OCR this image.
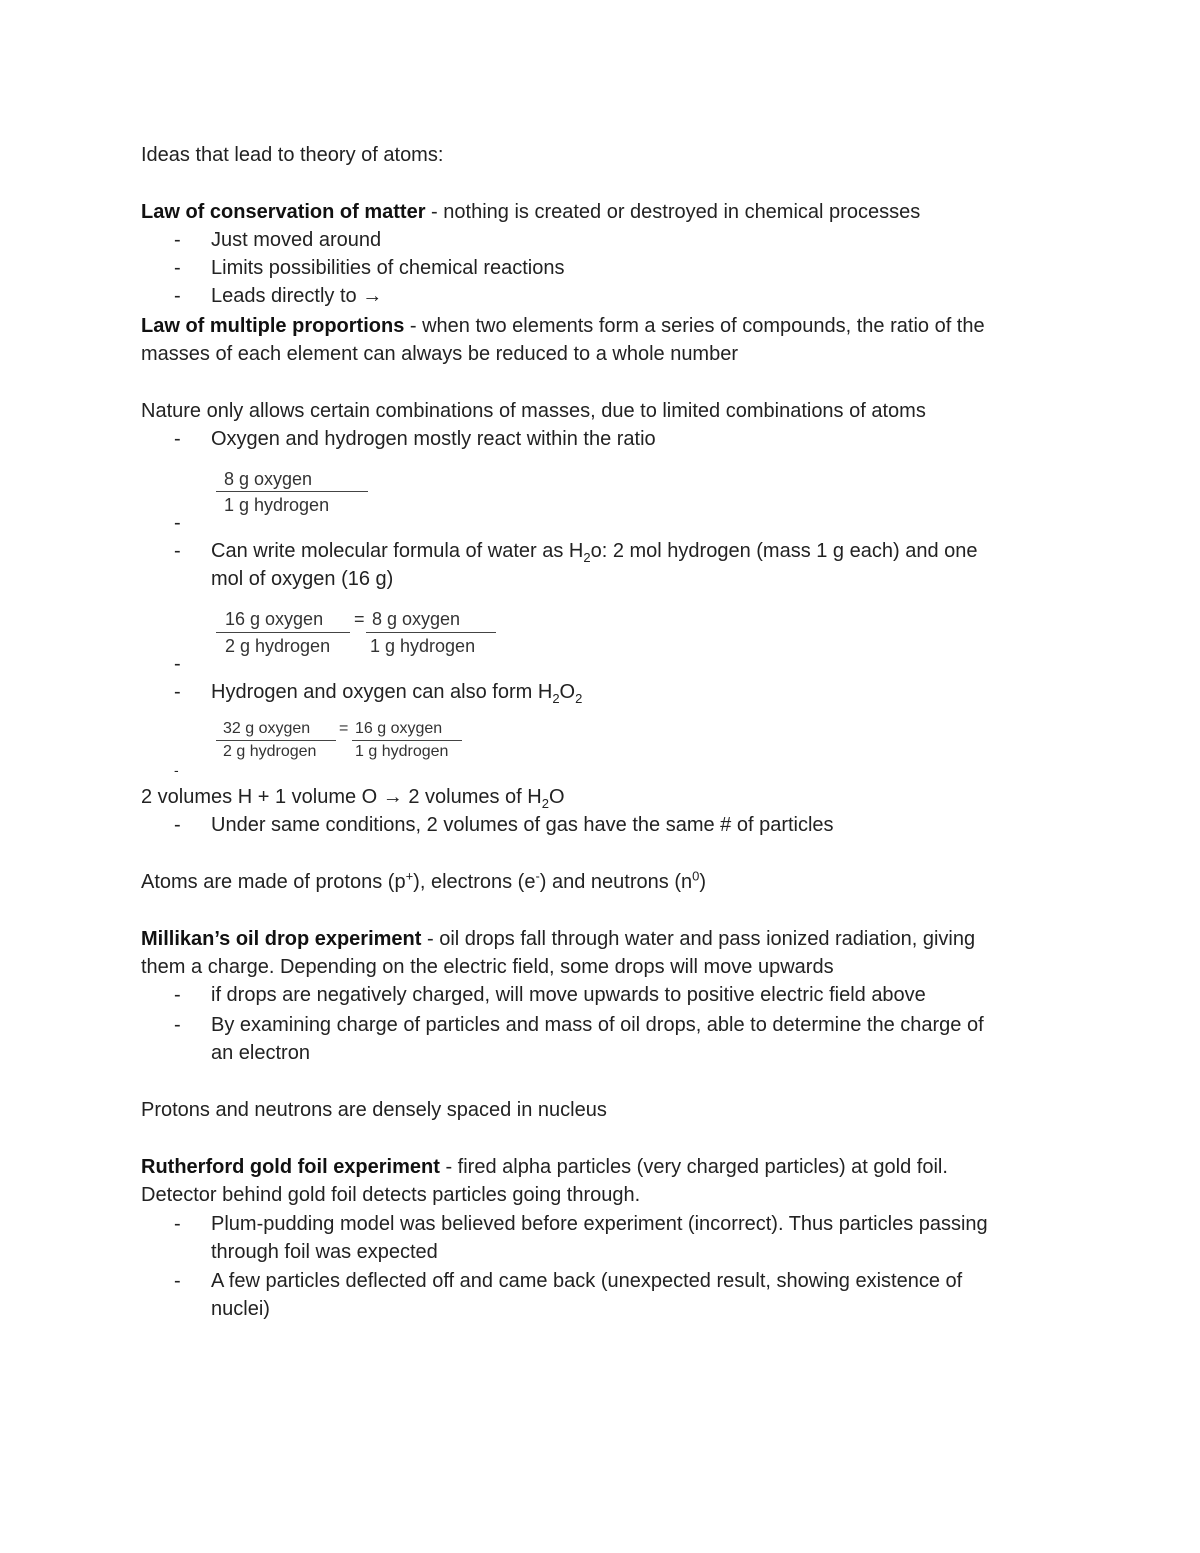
Ideas that lead to theory of atoms:
Law of conservation of matter - nothing is created or destroyed in chemical processes
- Just moved around
- Limits possibilities of chemical reactions
- Leads directly to →
Law of multiple proportions - when two elements form a series of compounds, the ratio of the
masses of each element can always be reduced to a whole number
Nature only allows certain combinations of masses, due to limited combinations of atoms
- Oxygen and hydrogen mostly react within the ratio
8 g oxygen
1 g hydrogen
-
- Can write molecular formula of water as $H_2o$: 2 mol hydrogen (mass 1 g each) and one
mol of oxygen (16 g)
16 g oxygen
2 g hydrogen
= 8 g oxygen
1 g hydrogen
-
- Hydrogen and oxygen can also form $H_2O_2$
32 g oxygen
2 g hydrogen
= 16 g oxygen
1 g hydrogen
-
2 volumes H + 1 volume O → 2 volumes of $H_2O$
- Under same conditions, 2 volumes of gas have the same # of particles
Atoms are made of protons (p+), electrons (e-) and neutrons $(n^0)$
Millikan’s oil drop experiment - oil drops fall through water and pass ionized radiation, giving
them a charge. Depending on the electric field, some drops will move upwards
- if drops are negatively charged, will move upwards to positive electric field above
- By examining charge of particles and mass of oil drops, able to determine the charge of
an electron
Protons and neutrons are densely spaced in nucleus
Rutherford gold foil experiment - fired alpha particles (very charged particles) at gold foil.
Detector behind gold foil detects particles going through.
- Plum-pudding model was believed before experiment (incorrect). Thus particles passing
through foil was expected
- A few particles deflected off and came back (unexpected result, showing existence of
nuclei)
